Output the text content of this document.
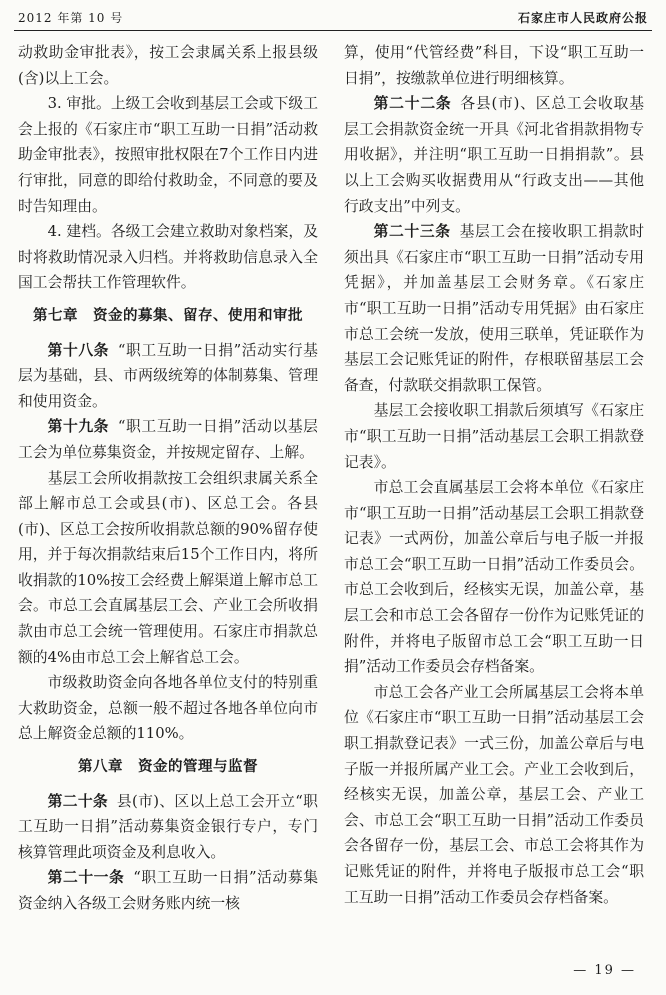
2012 年第 10 号	石家庄市人民政府公报

动救助金审批表》，按工会隶属关系上报县级(含)以上工会。

3. 审批。上级工会收到基层工会或下级工会上报的《石家庄市“职工互助一日捐”活动救助金审批表》，按照审批权限在7个工作日内进行审批，同意的即给付救助金，不同意的要及时告知理由。

4. 建档。各级工会建立救助对象档案，及时将救助情况录入归档。并将救助信息录入全国工会帮扶工作管理软件。

第七章　资金的募集、留存、使用和审批

第十八条 “职工互助一日捐”活动实行基层为基础，县、市两级统筹的体制募集、管理和使用资金。

第十九条 “职工互助一日捐”活动以基层工会为单位募集资金，并按规定留存、上解。

基层工会所收捐款按工会组织隶属关系全部上解市总工会或县(市)、区总工会。各县(市)、区总工会按所收捐款总额的90%留存使用，并于每次捐款结束后15个工作日内，将所收捐款的10%按工会经费上解渠道上解市总工会。市总工会直属基层工会、产业工会所收捐款由市总工会统一管理使用。石家庄市捐款总额的4%由市总工会上解省总工会。

市级救助资金向各地各单位支付的特别重大救助资金，总额一般不超过各地各单位向市总上解资金总额的110%。

第八章　资金的管理与监督

第二十条 县(市)、区以上总工会开立“职工互助一日捐”活动募集资金银行专户，专门核算管理此项资金及利息收入。

第二十一条 “职工互助一日捐”活动募集资金纳入各级工会财务账内统一核

算，使用“代管经费”科目，下设“职工互助一日捐”，按缴款单位进行明细核算。

第二十二条 各县(市)、区总工会收取基层工会捐款资金统一开具《河北省捐款捐物专用收据》，并注明“职工互助一日捐捐款”。县以上工会购买收据费用从“行政支出——其他行政支出”中列支。

第二十三条 基层工会在接收职工捐款时须出具《石家庄市“职工互助一日捐”活动专用凭据》，并加盖基层工会财务章。《石家庄市“职工互助一日捐”活动专用凭据》由石家庄市总工会统一发放，使用三联单，凭证联作为基层工会记账凭证的附件，存根联留基层工会备查，付款联交捐款职工保管。

基层工会接收职工捐款后须填写《石家庄市“职工互助一日捐”活动基层工会职工捐款登记表》。

市总工会直属基层工会将本单位《石家庄市“职工互助一日捐”活动基层工会职工捐款登记表》一式两份，加盖公章后与电子版一并报市总工会“职工互助一日捐”活动工作委员会。市总工会收到后，经核实无误，加盖公章，基层工会和市总工会各留存一份作为记账凭证的附件，并将电子版留市总工会“职工互助一日捐”活动工作委员会存档备案。

市总工会各产业工会所属基层工会将本单位《石家庄市“职工互助一日捐”活动基层工会职工捐款登记表》一式三份，加盖公章后与电子版一并报所属产业工会。产业工会收到后，经核实无误，加盖公章，基层工会、产业工会、市总工会“职工互助一日捐”活动工作委员会各留存一份，基层工会、市总工会将其作为记账凭证的附件，并将电子版报市总工会“职工互助一日捐”活动工作委员会存档备案。

— 19 —
